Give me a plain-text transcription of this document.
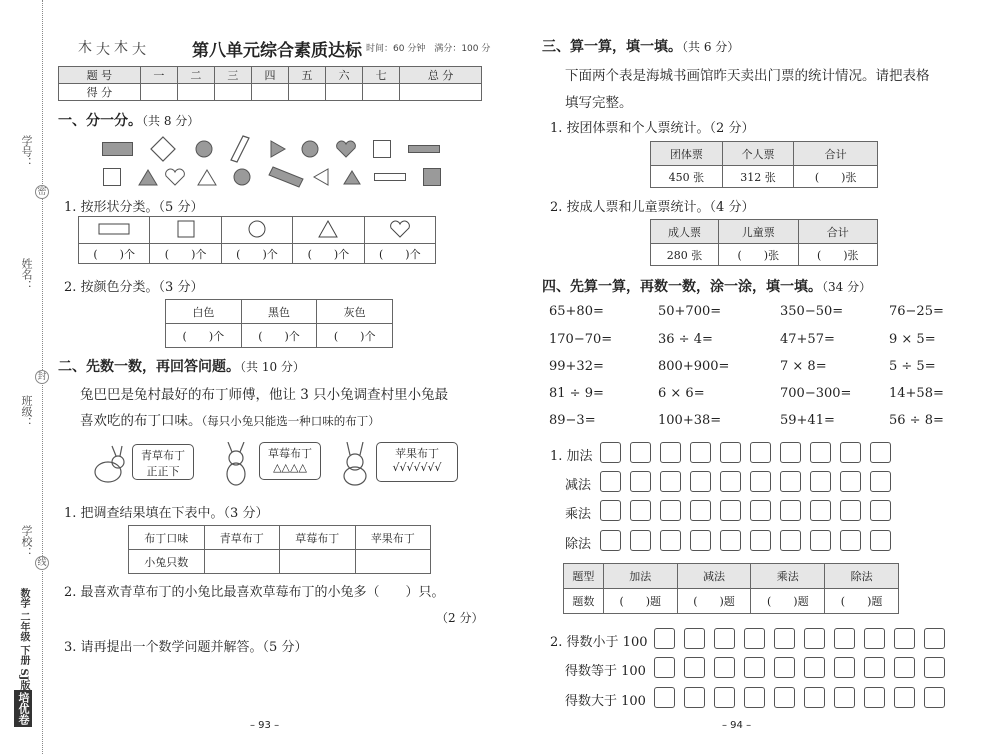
学号：
姓名：
班级：
学校：
密
封
线
数学 二年级 下册 SJ版
培优卷
木 大 木 大	第八单元综合素质达标 时间：60 分钟　满分：100 分
题 号	一	二	三	四	五	六	七	总 分
得 分								
一、分一分。（共 8 分）
1. 按形状分类。（5 分）

(　　)个	(　　)个	(　　)个	(　　)个	(　　)个
2. 按颜色分类。（3 分）
白色	黑色	灰色
(　　)个	(　　)个	(　　)个
二、先数一数，再回答问题。（共 10 分）
兔巴巴是兔村最好的布丁师傅，他让 3 只小兔调查村里小兔最
喜欢吃的布丁口味。（每只小兔只能选一种口味的布丁）
青草布丁
正正下
草莓布丁
△△△△
苹果布丁
√√√√√√√
1. 把调查结果填在下表中。（3 分）
布丁口味	青草布丁	草莓布丁	苹果布丁
小兔只数			
2. 最喜欢青草布丁的小兔比最喜欢草莓布丁的小兔多（　　）只。
（2 分）
3. 请再提出一个数学问题并解答。（5 分）
– 93 –
三、算一算，填一填。（共 6 分）
下面两个表是海城书画馆昨天卖出门票的统计情况。请把表格
填写完整。
1. 按团体票和个人票统计。（2 分）
团体票	个人票	合计
450 张	312 张	(　　)张
2. 按成人票和儿童票统计。（4 分）
成人票	儿童票	合计
280 张	(　　)张	(　　)张
四、先算一算，再数一数，涂一涂，填一填。（34 分）
65+80=	50+700=	350−50=	76−25=
170−70=	36 ÷ 4=	47+57=	9 × 5=
99+32=	800+900=	7 × 8=	5 ÷ 5=
81 ÷ 9=	6 × 6=	700−300=	14+58=
89−3=	100+38=	59+41=	56 ÷ 8=
1. 加法
减法
乘法
除法
题型	加法	减法	乘法	除法
题数	(　　)题	(　　)题	(　　)题	(　　)题
2. 得数小于 100
得数等于 100
得数大于 100
– 94 –
